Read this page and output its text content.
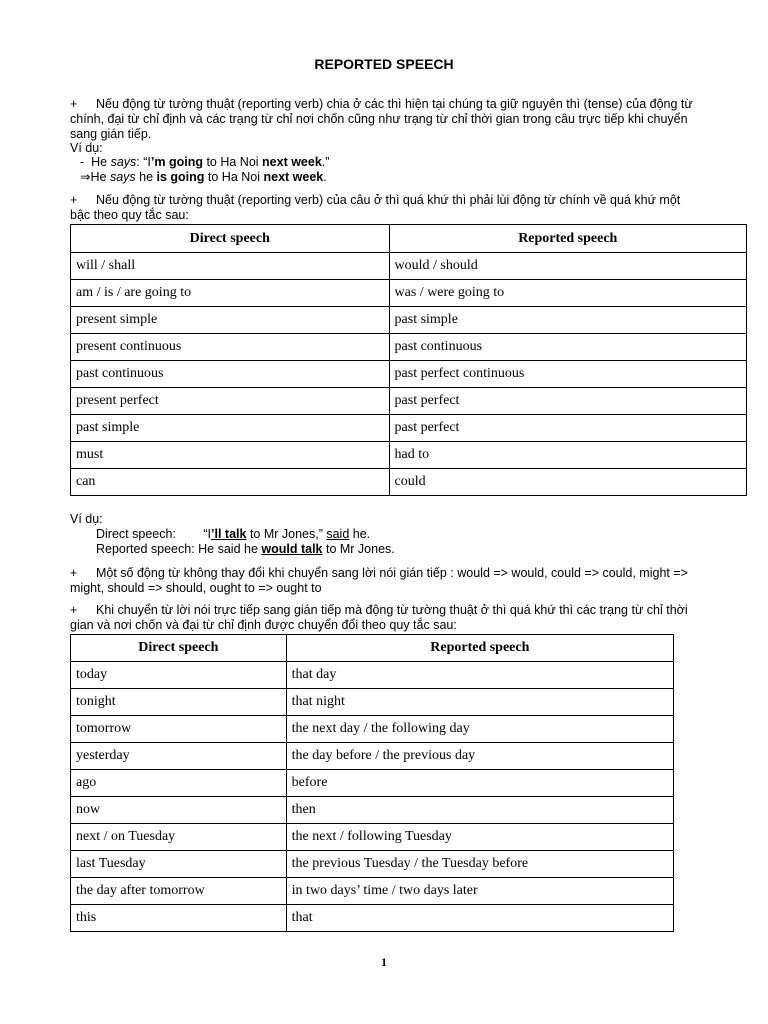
REPORTED SPEECH
+ Nếu động từ tường thuật (reporting verb) chia ở các thì hiện tại chúng ta giữ nguyên thì (tense) của động từ chính, đại từ chỉ định và các trạng từ chỉ nơi chốn cũng như trạng từ chỉ thời gian trong câu trực tiếp khi chuyển sang gián tiếp.
Ví dụ:
- He says: “I’m going to Ha Noi next week.”
⇒He says he is going to Ha Noi next week.
+ Nếu động từ tường thuật (reporting verb) của câu ở thì quá khứ thì phải lùi động từ chính về quá khứ một bậc theo quy tắc sau:
Direct speech	Reported speech
will / shall	would / should
am / is / are going to	was / were going to
present simple	past simple
present continuous	past continuous
past continuous	past perfect continuous
present perfect	past perfect
past simple	past perfect
must	had to
can	could
Ví dụ:
Direct speech: “I’ll talk to Mr Jones,” said he.
Reported speech: He said he would talk to Mr Jones.
+ Một số động từ không thay đổi khi chuyển sang lời nói gián tiếp : would => would, could => could, might => might, should => should, ought to => ought to
+ Khi chuyển từ lời nói trực tiếp sang gián tiếp mà động từ tường thuật ở thì quá khứ thì các trạng từ chỉ thời gian và nơi chốn và đại từ chỉ định được chuyển đổi theo quy tắc sau:
Direct speech	Reported speech
today	that day
tonight	that night
tomorrow	the next day / the following day
yesterday	the day before / the previous day
ago	before
now	then
next / on Tuesday	the next / following Tuesday
last Tuesday	the previous Tuesday / the Tuesday before
the day after tomorrow	in two days’ time / two days later
this	that
1
